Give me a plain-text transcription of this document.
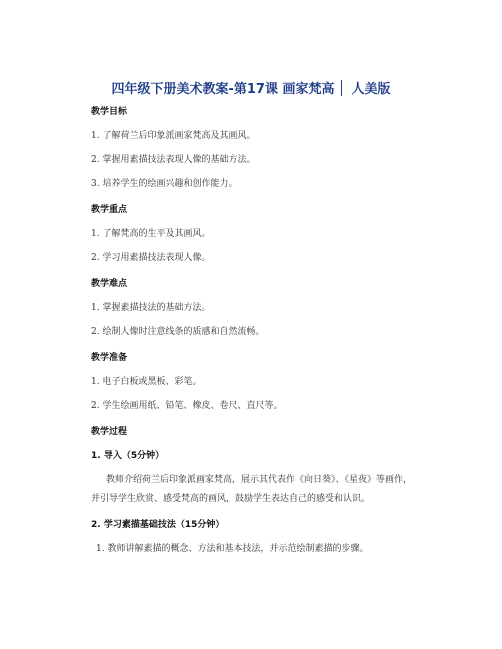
四年级下册美术教案-第17课 画家梵高 人美版
教学目标
1. 了解荷兰后印象派画家梵高及其画风。
2. 掌握用素描技法表现人像的基础方法。
3. 培养学生的绘画兴趣和创作能力。
教学重点
1. 了解梵高的生平及其画风。
2. 学习用素描技法表现人像。
教学难点
1. 掌握素描技法的基础方法。
2. 绘制人像时注意线条的质感和自然流畅。
教学准备
1. 电子白板或黑板、彩笔。
2. 学生绘画用纸、铅笔、橡皮、卷尺、直尺等。
教学过程
1. 导入（5分钟）
教师介绍荷兰后印象派画家梵高，展示其代表作《向日葵》、《星夜》等画作，
并引导学生欣赏、感受梵高的画风，鼓励学生表达自己的感受和认识。
2. 学习素描基础技法（15分钟）
1. 教师讲解素描的概念、方法和基本技法，并示范绘制素描的步骤。
